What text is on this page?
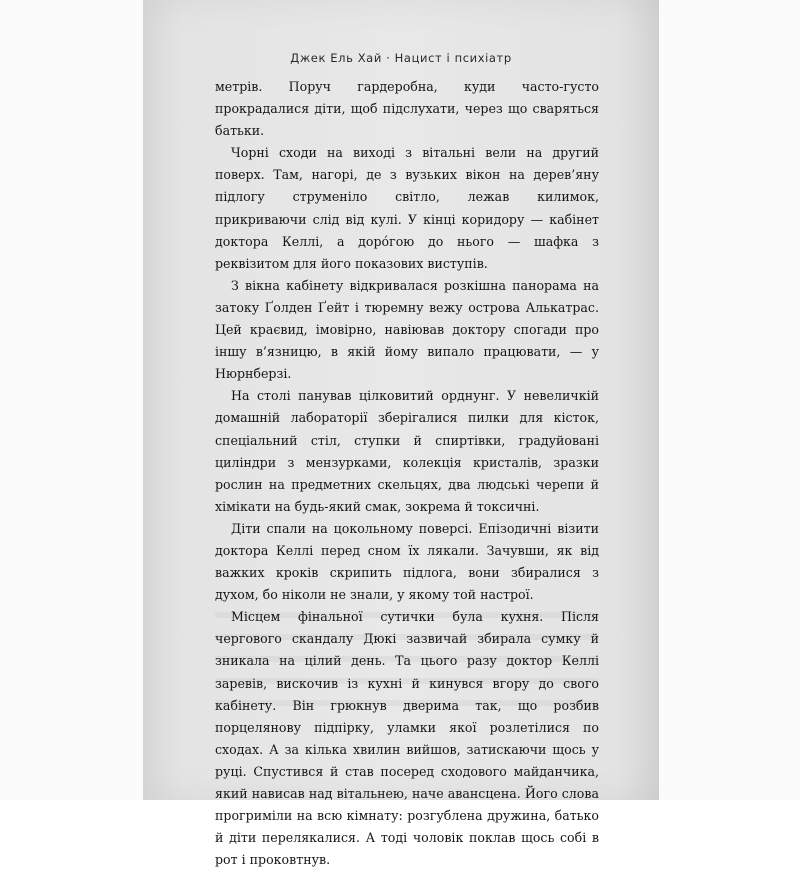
Джек Ель Хай · Нацист і психіатр

метрів. Поруч гардеробна, куди часто-густо прокрадалися діти, щоб підслухати, через що сваряться батьки.

Чорні сходи на виході з вітальні вели на другий поверх. Там, нагорі, де з вузьких вікон на дерев’яну підлогу струменіло світло, лежав килимок, прикриваючи слід від кулі. У кінці коридору — кабінет доктора Келлі, а доро́гою до нього — шафка з реквізитом для його показових виступів.

З вікна кабінету відкривалася розкішна панорама на затоку Ґолден Ґейт і тюремну вежу острова Алькатрас. Цей краєвид, імовірно, навіював доктору спогади про іншу в’язницю, в якій йому випало працювати, — у Нюрнберзі.

На столі панував цілковитий орднунг. У невеличкій домашній лабораторії зберігалися пилки для кісток, спеціальний стіл, ступки й спиртівки, градуйовані циліндри з мензурками, колекція кристалів, зразки рослин на предметних скельцях, два людські черепи й хімікати на будь-який смак, зокрема й токсичні.

Діти спали на цокольному поверсі. Епізодичні візити доктора Келлі перед сном їх лякали. Зачувши, як від важких кроків скрипить підлога, вони збиралися з духом, бо ніколи не знали, у якому той настрої.

Місцем фінальної сутички була кухня. Після чергового скандалу Дюкі зазвичай збирала сумку й зникала на цілий день. Та цього разу доктор Келлі заревів, вискочив із кухні й кинувся вгору до свого кабінету. Він грюкнув дверима так, що розбив порцелянову підпірку, уламки якої розлетілися по сходах. А за кілька хвилин вийшов, затискаючи щось у руці. Спустився й став посеред сходового майданчика, який нависав над вітальнею, наче авансцена. Його слова прогриміли на всю кімнату: розгублена дружина, батько й діти перелякалися. А тоді чоловік поклав щось собі в рот і проковтнув.
